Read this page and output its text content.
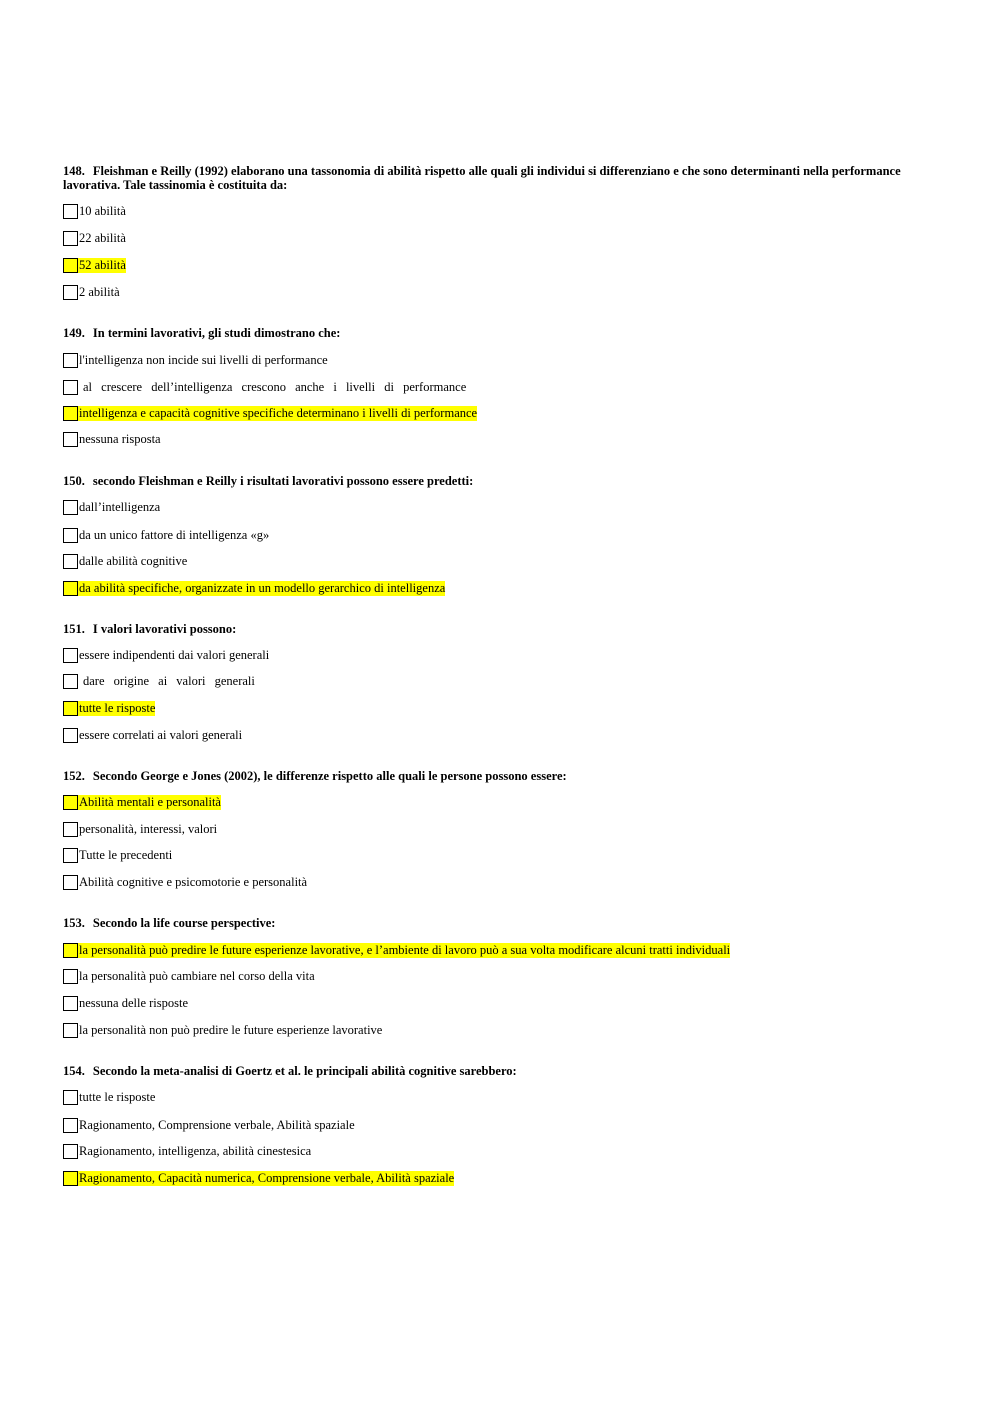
148. Fleishman e Reilly (1992) elaborano una tassonomia di abilità rispetto alle quali gli individui si differenziano e che sono determinanti nella performance lavorativa. Tale tassinomia è costituita da:
10 abilità
22 abilità
52 abilità
2 abilità
149. In termini lavorativi, gli studi dimostrano che:
l'intelligenza non incide sui livelli di performance
al crescere dell’intelligenza crescono anche i livelli di performance
intelligenza e capacità cognitive specifiche determinano i livelli di performance
nessuna risposta
150. secondo Fleishman e Reilly i risultati lavorativi possono essere predetti:
dall’intelligenza
da un unico fattore di intelligenza «g»
dalle abilità cognitive
da abilità specifiche, organizzate in un modello gerarchico di intelligenza
151. I valori lavorativi possono:
essere indipendenti dai valori generali
dare origine ai valori generali
tutte le risposte
essere correlati ai valori generali
152. Secondo George e Jones (2002), le differenze rispetto alle quali le persone possono essere:
Abilità mentali e personalità
personalità, interessi, valori
Tutte le precedenti
Abilità cognitive e psicomotorie e personalità
153. Secondo la life course perspective:
la personalità può predire le future esperienze lavorative, e l’ambiente di lavoro può a sua volta modificare alcuni tratti individuali
la personalità può cambiare nel corso della vita
nessuna delle risposte
la personalità non può predire le future esperienze lavorative
154. Secondo la meta-analisi di Goertz et al. le principali abilità cognitive sarebbero:
tutte le risposte
Ragionamento, Comprensione verbale, Abilità spaziale
Ragionamento, intelligenza, abilità cinestesica
Ragionamento, Capacità numerica, Comprensione verbale, Abilità spaziale
